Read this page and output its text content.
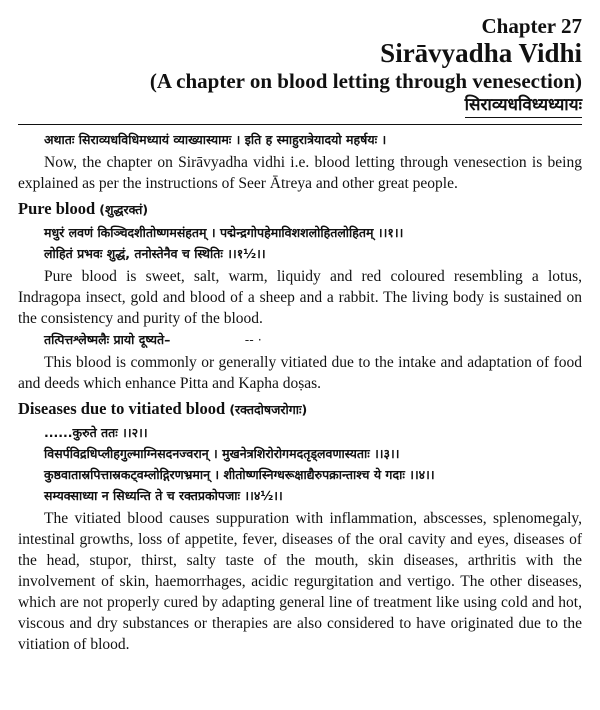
Chapter 27
Sirāvyadha Vidhi
(A chapter on blood letting through venesection)
सिराव्यधविध्यध्यायः
अथातः सिराव्यधविधिमध्यायं व्याख्यास्यामः । इति ह स्माहुरात्रेयादयो महर्षयः ।

Now, the chapter on Sirāvyadha vidhi i.e. blood letting through venesection is being explained as per the instructions of Seer Ātreya and other great people.

Pure blood (शुद्धरक्तं)
मधुरं लवणं किञ्चिदशीतोष्णमसंहतम् । पद्मेन्द्रगोपहेमाविशशलोहितलोहितम् ।।१।।
लोहितं प्रभवः शुद्धं, तनोस्तेनैव च स्थितिः ।।१½।।

Pure blood is sweet, salt, warm, liquidy and red coloured resembling a lotus, Indragopa insect, gold and blood of a sheep and a rabbit. The living body is sustained on the consistency and purity of the blood.

तत्पित्तश्लेष्मलैः प्रायो दूष्यते–	-- ·

This blood is commonly or generally vitiated due to the intake and adaptation of food and deeds which enhance Pitta and Kapha doṣas.

Diseases due to vitiated blood (रक्तदोषजरोगाः)
......कुरुते ततः ।।२।।
विसर्पविद्रधिप्लीहगुल्माग्निसदनज्वरान् । मुखनेत्रशिरोरोगमदतृड्लवणास्यताः ।।३।।
कुष्ठवातास्रपित्तास्रकट्वम्लोद्गिरणभ्रमान् । शीतोष्णस्निग्धरूक्षाद्यैरुपक्रान्ताश्च ये गदाः ।।४।।
सम्यक्साध्या न सिध्यन्ति ते च रक्तप्रकोपजाः ।।४½।।

The vitiated blood causes suppuration with inflammation, abscesses, splenomegaly, intestinal growths, loss of appetite, fever, diseases of the oral cavity and eyes, diseases of the head, stupor, thirst, salty taste of the mouth, skin diseases, arthritis with the involvement of skin, haemorrhages, acidic regurgitation and vertigo. The other diseases, which are not properly cured by adapting general line of treatment like using cold and hot, viscous and dry substances or therapies are also considered to have originated due to the vitiation of blood.
